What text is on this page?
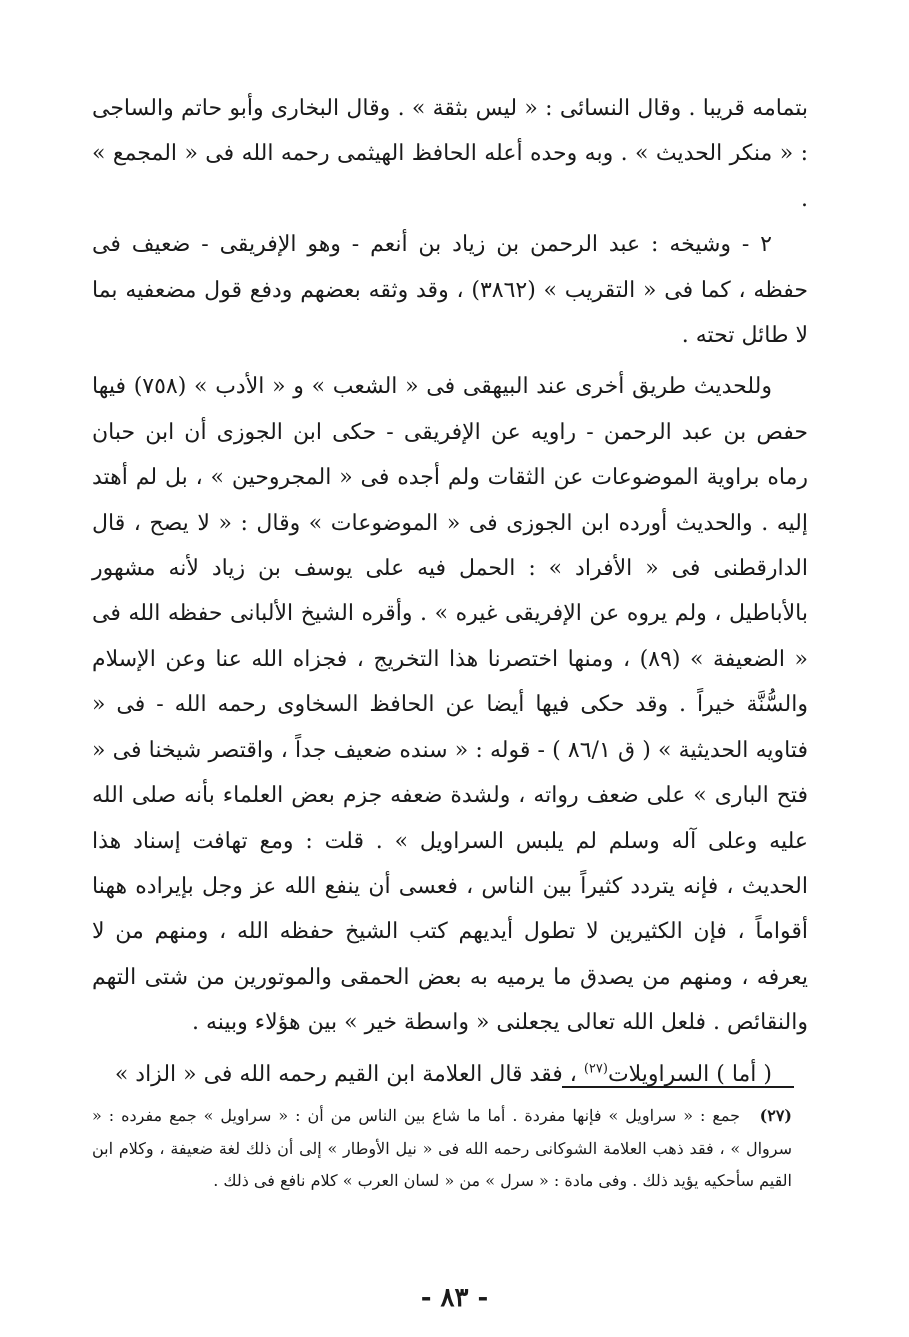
بتمامه قريبا . وقال النسائى : « ليس بثقة » . وقال البخارى وأبو حاتم والساجى : « منكر الحديث » . وبه وحده أعله الحافظ الهيثمى رحمه الله فى « المجمع » .

٢ - وشيخه : عبد الرحمن بن زياد بن أنعم - وهو الإفريقى - ضعيف فى حفظه ، كما فى « التقريب » (٣٨٦٢) ، وقد وثقه بعضهم ودفع قول مضعفيه بما لا طائل تحته .

وللحديث طريق أخرى عند البيهقى فى « الشعب » و « الأدب » (٧٥٨) فيها حفص بن عبد الرحمن - راويه عن الإفريقى - حكى ابن الجوزى أن ابن حبان رماه براوية الموضوعات عن الثقات ولم أجده فى « المجروحين » ، بل لم أهتد إليه . والحديث أورده ابن الجوزى فى « الموضوعات » وقال : « لا يصح ، قال الدارقطنى فى « الأفراد » : الحمل فيه على يوسف بن زياد لأنه مشهور بالأباطيل ، ولم يروه عن الإفريقى غيره » . وأقره الشيخ الألبانى حفظه الله فى « الضعيفة » (٨٩) ، ومنها اختصرنا هذا التخريج ، فجزاه الله عنا وعن الإسلام والسُّنَّة خيراً . وقد حكى فيها أيضا عن الحافظ السخاوى رحمه الله - فى « فتاويه الحديثية » ( ق ٨٦/١ ) - قوله : « سنده ضعيف جداً ، واقتصر شيخنا فى « فتح البارى » على ضعف رواته ، ولشدة ضعفه جزم بعض العلماء بأنه صلى الله عليه وعلى آله وسلم لم يلبس السراويل » . قلت : ومع تهافت إسناد هذا الحديث ، فإنه يتردد كثيراً بين الناس ، فعسى أن ينفع الله عز وجل بإيراده ههنا أقواماً ، فإن الكثيرين لا تطول أيديهم كتب الشيخ حفظه الله ، ومنهم من لا يعرفه ، ومنهم من يصدق ما يرميه به بعض الحمقى والموتورين من شتى التهم والنقائص . فلعل الله تعالى يجعلنى « واسطة خير » بين هؤلاء وبينه .

( أما ) السراويلات$^{(٢٧)}$ ، فقد قال العلامة ابن القيم رحمه الله فى « الزاد »

(٢٧)جمع : « سراويل » فإنها مفردة . أما ما شاع بين الناس من أن : « سراويل » جمع مفرده : « سروال » ، فقد ذهب العلامة الشوكانى رحمه الله فى « نيل الأوطار » إلى أن ذلك لغة ضعيفة ، وكلام ابن القيم سأحكيه يؤيد ذلك . وفى مادة : « سرل » من « لسان العرب » كلام نافع فى ذلك .
- ٨٣ -
